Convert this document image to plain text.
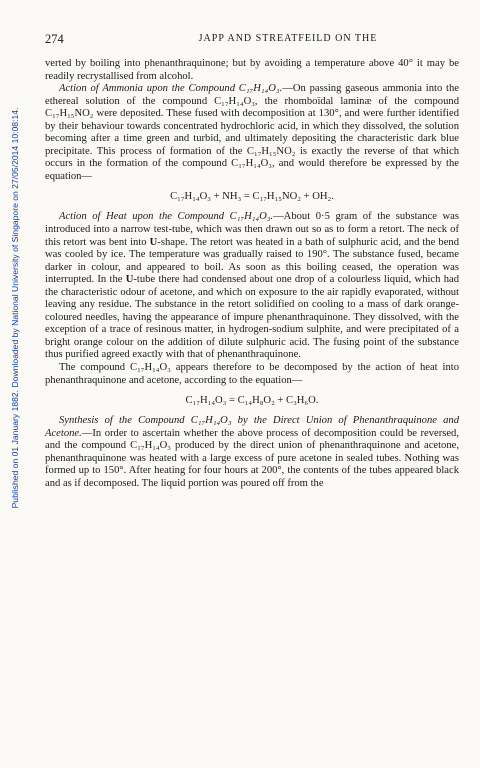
Published on 01 January 1882. Downloaded by National University of Singapore on 27/05/2014 10:08:14.
274	JAPP AND STREATFEILD ON THE

verted by boiling into phenanthraquinone; but by avoiding a temperature above 40° it may be readily recrystallised from alcohol.

Action of Ammonia upon the Compound C₁₇H₁₄O₃.—On passing gaseous ammonia into the ethereal solution of the compound C₁₇H₁₄O₃, the rhomboïdal laminæ of the compound C₁₇H₁₅NO₂ were deposited. These fused with decomposition at 130°, and were further identified by their behaviour towards concentrated hydrochloric acid, in which they dissolved, the solution becoming after a time green and turbid, and ultimately depositing the characteristic dark blue precipitate. This process of formation of the C₁₇H₁₅NO₂ is exactly the reverse of that which occurs in the formation of the compound C₁₇H₁₄O₃, and would therefore be expressed by the equation—

C₁₇H₁₄O₃ + NH₃ = C₁₇H₁₅NO₂ + OH₂.

Action of Heat upon the Compound C₁₇H₁₄O₃.—About 0·5 gram of the substance was introduced into a narrow test-tube, which was then drawn out so as to form a retort. The neck of this retort was bent into U-shape. The retort was heated in a bath of sulphuric acid, and the bend was cooled by ice. The temperature was gradually raised to 190°. The substance fused, became darker in colour, and appeared to boil. As soon as this boiling ceased, the operation was interrupted. In the U-tube there had condensed about one drop of a colourless liquid, which had the characteristic odour of acetone, and which on exposure to the air rapidly evaporated, without leaving any residue. The substance in the retort solidified on cooling to a mass of dark orange-coloured needles, having the appearance of impure phenanthraquinone. They dissolved, with the exception of a trace of resinous matter, in hydrogen-sodium sulphite, and were precipitated of a bright orange colour on the addition of dilute sulphuric acid. The fusing point of the substance thus purified agreed exactly with that of phenanthraquinone.

The compound C₁₇H₁₄O₃ appears therefore to be decomposed by the action of heat into phenanthraquinone and acetone, according to the equation—

C₁₇H₁₄O₃ = C₁₄H₈O₂ + C₃H₆O.

Synthesis of the Compound C₁₇H₁₄O₃ by the Direct Union of Phenanthraquinone and Acetone.—In order to ascertain whether the above process of decomposition could be reversed, and the compound C₁₇H₁₄O₃ produced by the direct union of phenanthraquinone and acetone, phenanthraquinone was heated with a large excess of pure acetone in sealed tubes. Nothing was formed up to 150°. After heating for four hours at 200°, the contents of the tubes appeared black and as if decomposed. The liquid portion was poured off from the
